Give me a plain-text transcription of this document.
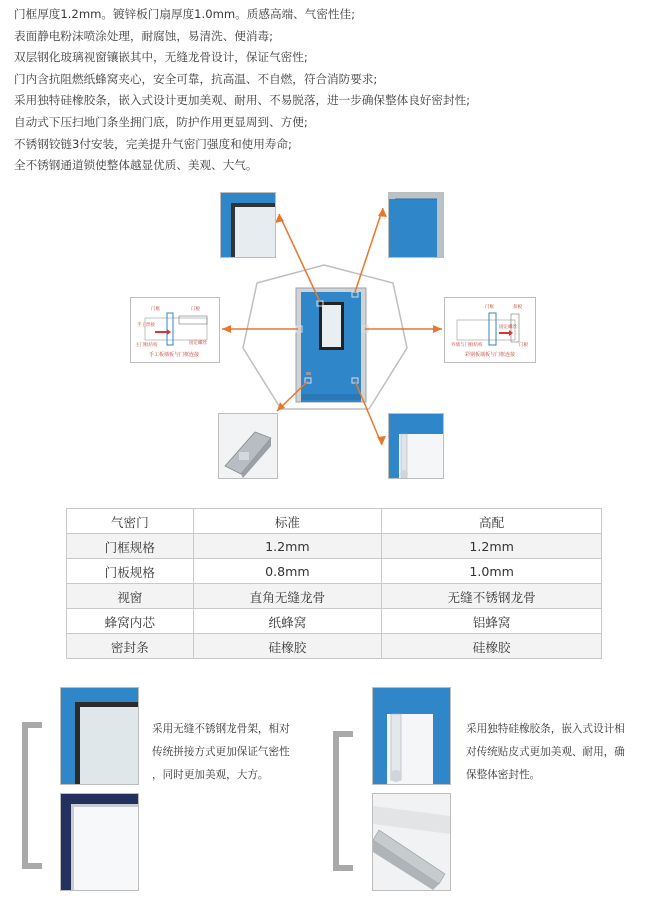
门框厚度1.2mm。镀锌板门扇厚度1.0mm。质感高端、气密性佳;
表面静电粉沫喷涂处理，耐腐蚀，易清洗、便消毒;
双层钢化玻璃视窗镶嵌其中，无缝龙骨设计，保证气密性;
门内含抗阻燃纸蜂窝夹心，安全可靠，抗高温、不自燃，符合消防要求;
采用独特硅橡胶条，嵌入式设计更加美观、耐用、不易脱落，进一步确保整体良好密封性;
自动式下压扫地门条坐拥门底，防护作用更显周到、方便;
不锈钢铰链3付安装，完美提升气密门强度和使用寿命;
全不锈钢通道锁使整体越显优质、美观、大气。
门框
手工焊接
门板
主门框结构	固定螺丝
手工板墙板与门框连接
门框	扣板
固定螺丝
门板
外墙与门框结构
彩钢板墙板与门框连接
气密门	标准	高配
门框规格	1.2mm	1.2mm
门板规格	0.8mm	1.0mm
视窗	直角无缝龙骨	无缝不锈钢龙骨
蜂窝内芯	纸蜂窝	铝蜂窝
密封条	硅橡胶	硅橡胶
采用无缝不锈钢龙骨架，相对
传统拼接方式更加保证气密性
，同时更加美观，大方。
采用独特硅橡胶条，嵌入式设计相
对传统贴皮式更加美观、耐用，确
保整体密封性。
